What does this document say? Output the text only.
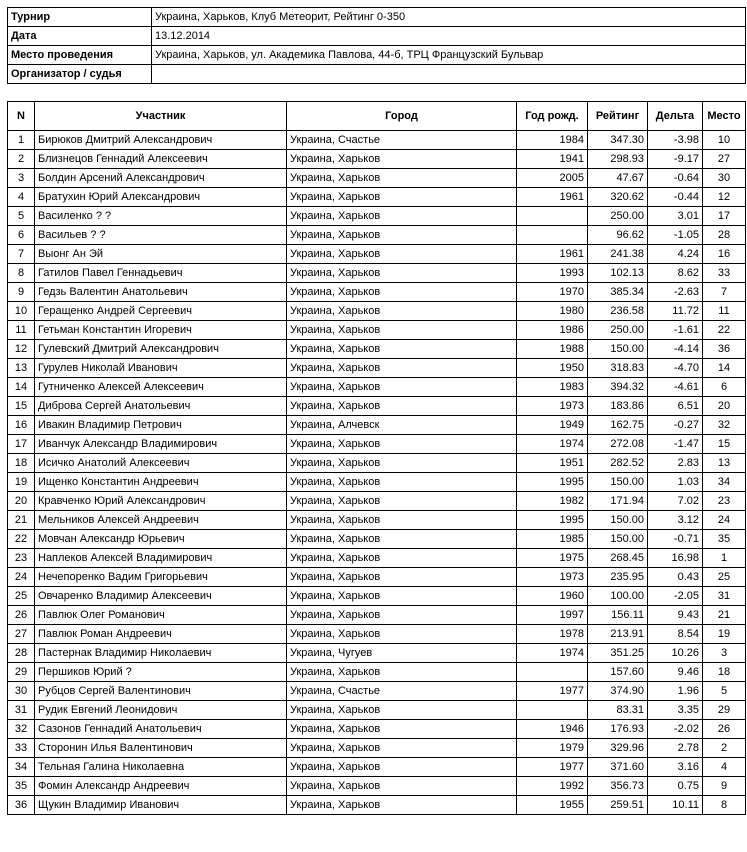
Турнир	Украина, Харьков, Клуб Метеорит, Рейтинг 0-350
Дата	13.12.2014
Место проведения	Украина, Харьков, ул. Академика Павлова, 44-б, ТРЦ Французский Бульвар
Организатор / судья	
N	Участник	Город	Год рожд.	Рейтинг	Дельта	Место
1	Бирюков Дмитрий Александрович	Украина, Счастье	1984	347.30	-3.98	10
2	Близнецов Геннадий Алексеевич	Украина, Харьков	1941	298.93	-9.17	27
3	Болдин Арсений Александрович	Украина, Харьков	2005	47.67	-0.64	30
4	Братухин Юрий Александрович	Украина, Харьков	1961	320.62	-0.44	12
5	Василенко ? ?	Украина, Харьков		250.00	3.01	17
6	Васильев ? ?	Украина, Харьков		96.62	-1.05	28
7	Выонг Ан Эй	Украина, Харьков	1961	241.38	4.24	16
8	Гатилов Павел Геннадьевич	Украина, Харьков	1993	102.13	8.62	33
9	Гедзь Валентин Анатольевич	Украина, Харьков	1970	385.34	-2.63	7
10	Геращенко Андрей Сергеевич	Украина, Харьков	1980	236.58	11.72	11
11	Гетьман Константин Игоревич	Украина, Харьков	1986	250.00	-1.61	22
12	Гулевский Дмитрий Александрович	Украина, Харьков	1988	150.00	-4.14	36
13	Гурулев Николай Иванович	Украина, Харьков	1950	318.83	-4.70	14
14	Гутниченко Алексей Алексеевич	Украина, Харьков	1983	394.32	-4.61	6
15	Диброва Сергей Анатольевич	Украина, Харьков	1973	183.86	6.51	20
16	Ивакин Владимир Петрович	Украина, Алчевск	1949	162.75	-0.27	32
17	Иванчук Александр Владимирович	Украина, Харьков	1974	272.08	-1.47	15
18	Исичко Анатолий Алексеевич	Украина, Харьков	1951	282.52	2.83	13
19	Ищенко Константин Андреевич	Украина, Харьков	1995	150.00	1.03	34
20	Кравченко Юрий Александрович	Украина, Харьков	1982	171.94	7.02	23
21	Мельников Алексей Андреевич	Украина, Харьков	1995	150.00	3.12	24
22	Мовчан Александр Юрьевич	Украина, Харьков	1985	150.00	-0.71	35
23	Наплеков Алексей Владимирович	Украина, Харьков	1975	268.45	16.98	1
24	Нечепоренко Вадим Григорьевич	Украина, Харьков	1973	235.95	0.43	25
25	Овчаренко Владимир Алексеевич	Украина, Харьков	1960	100.00	-2.05	31
26	Павлюк Олег Романович	Украина, Харьков	1997	156.11	9.43	21
27	Павлюк Роман Андреевич	Украина, Харьков	1978	213.91	8.54	19
28	Пастернак Владимир Николаевич	Украина, Чугуев	1974	351.25	10.26	3
29	Першиков Юрий ?	Украина, Харьков		157.60	9.46	18
30	Рубцов Сергей Валентинович	Украина, Счастье	1977	374.90	1.96	5
31	Рудик Евгений Леонидович	Украина, Харьков		83.31	3.35	29
32	Сазонов Геннадий Анатольевич	Украина, Харьков	1946	176.93	-2.02	26
33	Сторонин Илья Валентинович	Украина, Харьков	1979	329.96	2.78	2
34	Тельная Галина Николаевна	Украина, Харьков	1977	371.60	3.16	4
35	Фомин Александр Андреевич	Украина, Харьков	1992	356.73	0.75	9
36	Щукин Владимир Иванович	Украина, Харьков	1955	259.51	10.11	8
